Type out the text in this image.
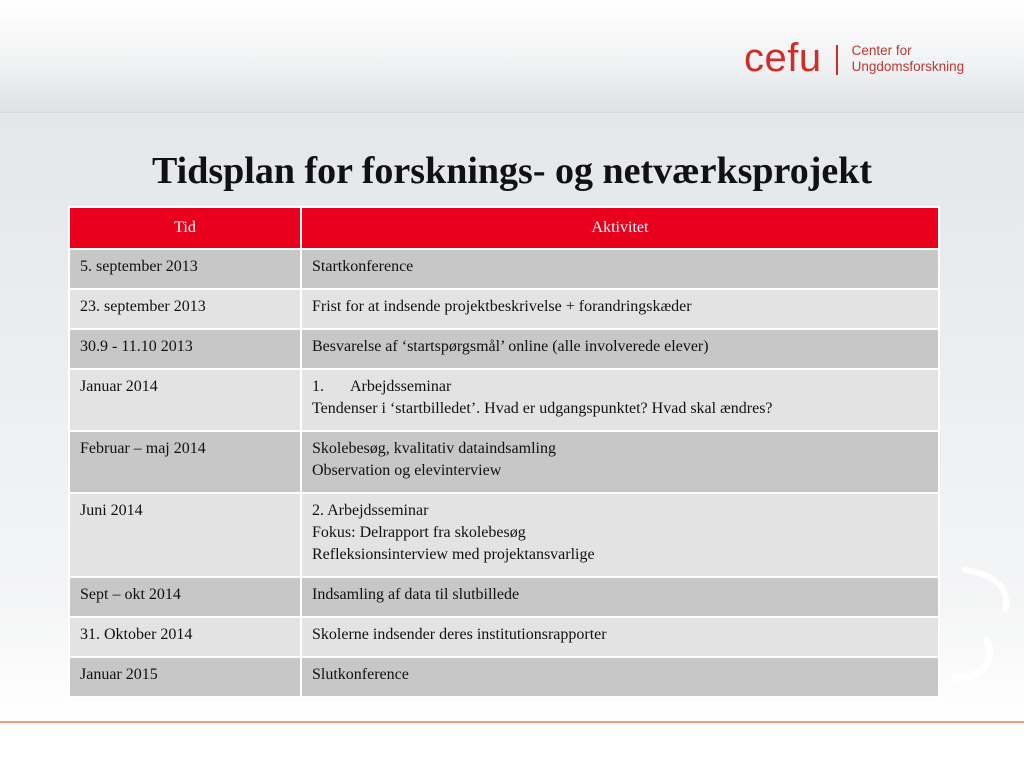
cefu Center for
Ungdomsforskning
Tidsplan for forsknings- og netværksprojekt
Tid	Aktivitet
5. september 2013	Startkonference

23. september 2013	Frist for at indsende projektbeskrivelse + forandringskæder

30.9 - 11.10 2013	Besvarelse af ‘startspørgsmål’ online (alle involverede elever)

Januar 2014	1. Arbejdsseminar
Tendenser i ‘startbilledet’. Hvad er udgangspunktet? Hvad skal ændres?

Februar – maj 2014	Skolebesøg, kvalitativ dataindsamling
Observation og elevinterview

Juni 2014	2. Arbejdsseminar
Fokus: Delrapport fra skolebesøg
Refleksionsinterview med projektansvarlige

Sept – okt 2014	Indsamling af data til slutbillede

31. Oktober 2014	Skolerne indsender deres institutionsrapporter

Januar 2015	Slutkonference
